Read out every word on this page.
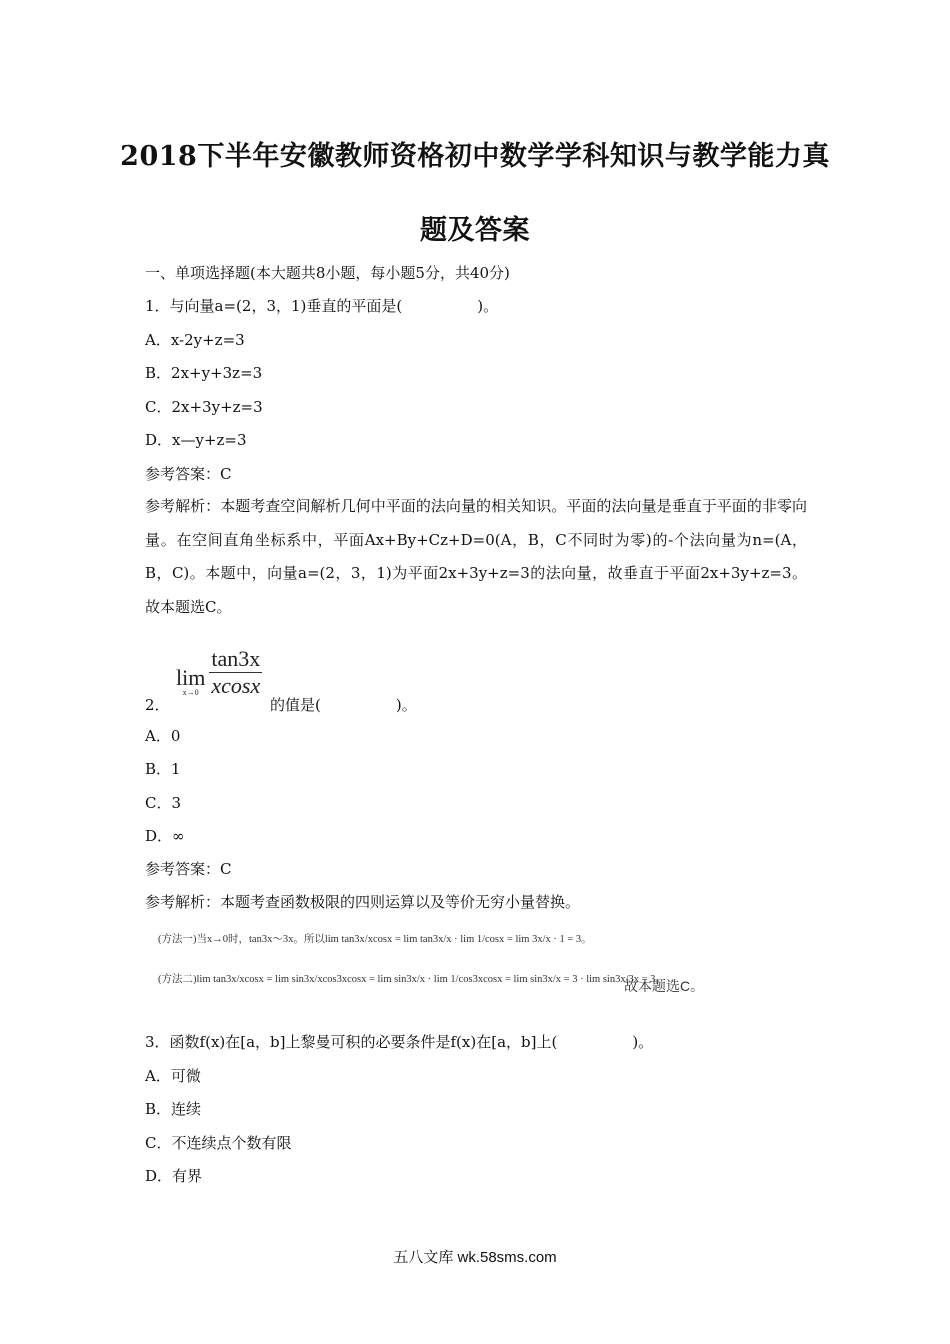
2018下半年安徽教师资格初中数学学科知识与教学能力真
题及答案
一、单项选择题(本大题共8小题，每小题5分，共40分)
1．与向量a=(2，3，1)垂直的平面是(　　　　　)。
A．x-2y+z=3
B．2x+y+3z=3
C．2x+3y+z=3
D．x—y+z=3
参考答案：C
参考解析：本题考查空间解析几何中平面的法向量的相关知识。平面的法向量是垂直于平面的非零向量。在空间直角坐标系中，平面Ax+By+Cz+D=0(A，B，C不同时为零)的-个法向量为n=(A，B，C)。本题中，向量a=(2，3，1)为平面2x+3y+z=3的法向量，故垂直于平面2x+3y+z=3。故本题选C。
2．
lim
x→0
$\frac{\tan 3x}{xcosx}$
的值是(　　　　　)。
A．0
B．1
C．3
D．∞
参考答案：C
参考解析：本题考查函数极限的四则运算以及等价无穷小量替换。
(方法一)当x→0时，tan3x～3x。所以lim tan3x/xcosx = lim tan3x/x · lim 1/cosx = lim 3x/x · 1 = 3。
(方法二)lim tan3x/xcosx = lim sin3x/xcos3xcosx = lim sin3x/x · lim 1/cos3xcosx = lim sin3x/x = 3 · lim sin3x/3x = 3。
故本题选C。
3．函数f(x)在[a，b]上黎曼可积的必要条件是f(x)在[a，b]上(　　　　　)。
A．可微
B．连续
C．不连续点个数有限
D．有界
五八文库 wk.58sms.com
